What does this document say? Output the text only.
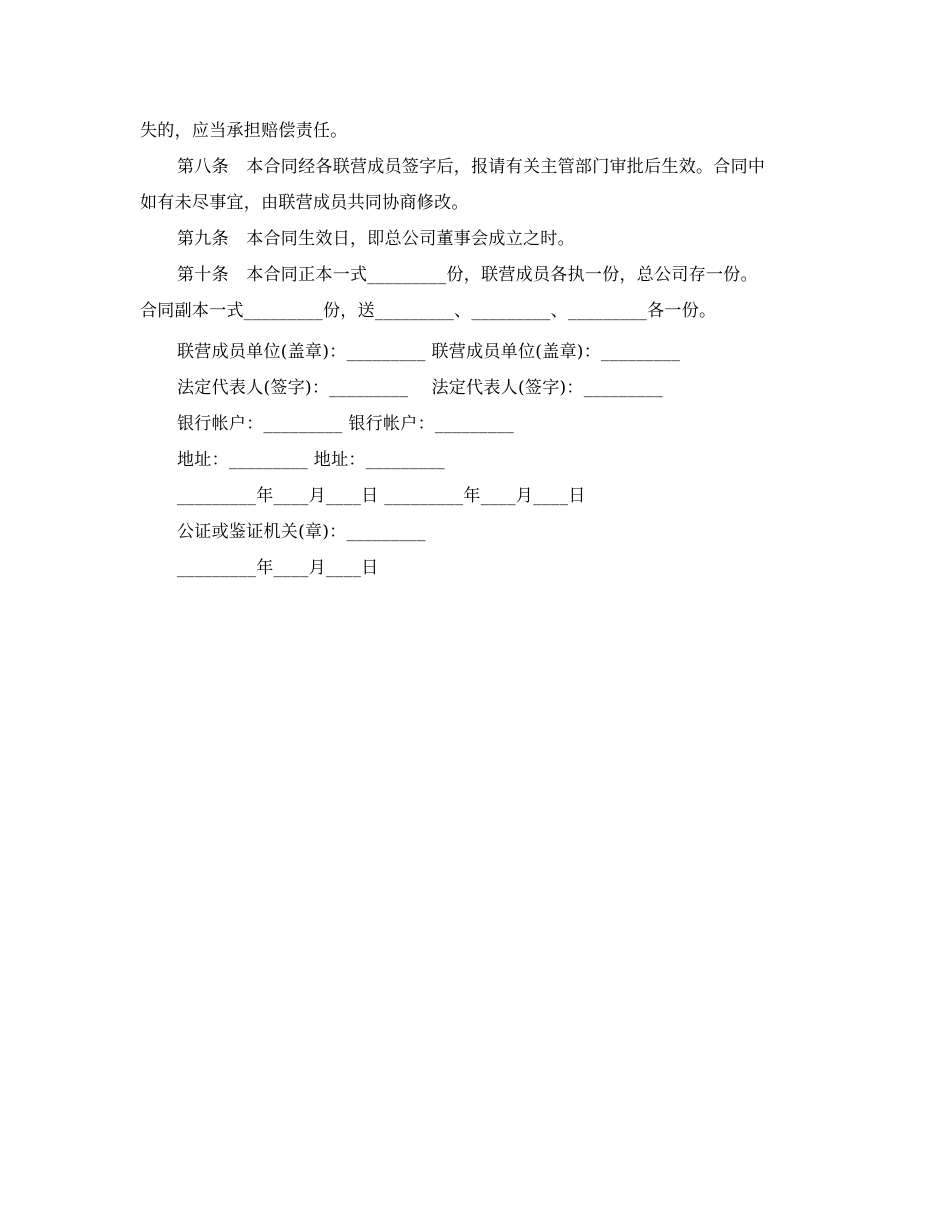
失的，应当承担赔偿责任。
第八条　本合同经各联营成员签字后，报请有关主管部门审批后生效。合同中
如有未尽事宜，由联营成员共同协商修改。
第九条　本合同生效日，即总公司董事会成立之时。
第十条　本合同正本一式_________份，联营成员各执一份，总公司存一份。
合同副本一式_________份，送_________、_________、_________各一份。
联营成员单位(盖章)：_________ 联营成员单位(盖章)：_________
法定代表人(签字)：_________　 法定代表人(签字)：_________
银行帐户：_________ 银行帐户：_________
地址：_________ 地址：_________
_________年____月____日 _________年____月____日
公证或鉴证机关(章)：_________
_________年____月____日
